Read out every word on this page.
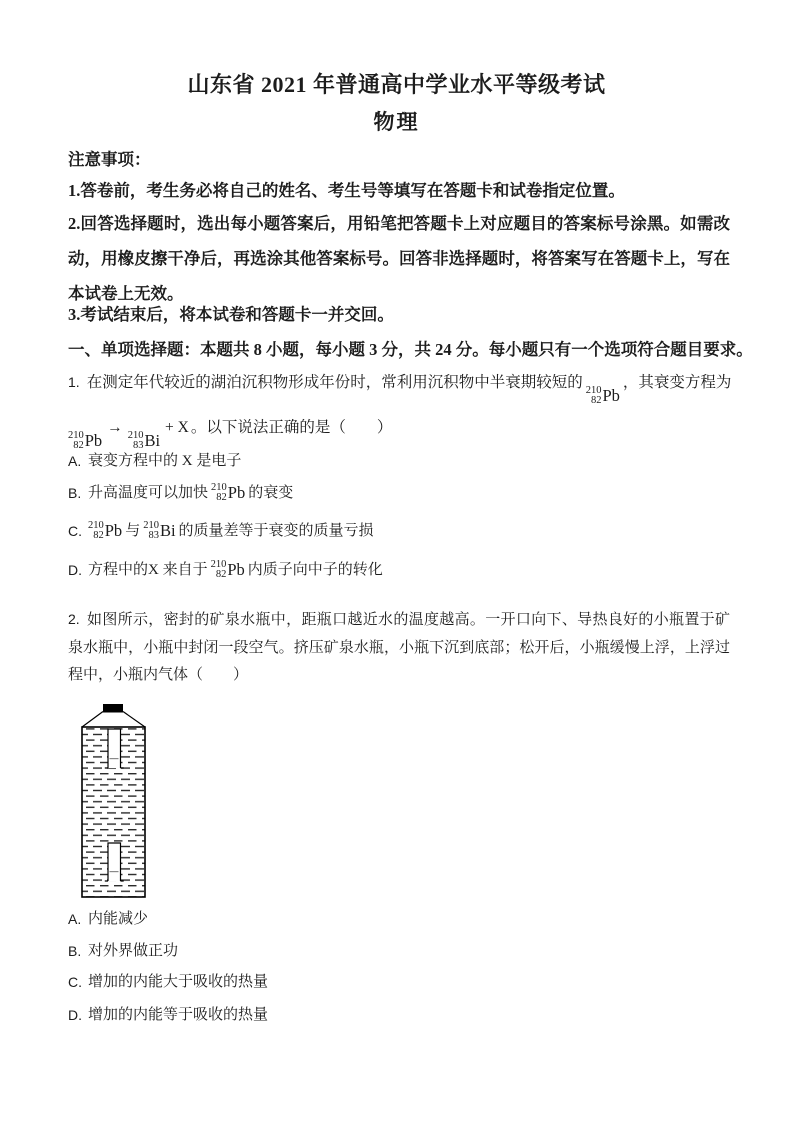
山东省 2021 年普通高中学业水平等级考试
物理
注意事项：
1.答卷前，考生务必将自己的姓名、考生号等填写在答题卡和试卷指定位置。
2.回答选择题时，选出每小题答案后，用铅笔把答题卡上对应题目的答案标号涂黑。如需改动，用橡皮擦干净后，再选涂其他答案标号。回答非选择题时，将答案写在答题卡上，写在本试卷上无效。
3.考试结束后，将本试卷和答题卡一并交回。
一、单项选择题：本题共 8 小题，每小题 3 分，共 24 分。每小题只有一个选项符合题目要求。
1. 在测定年代较近的湖泊沉积物形成年份时，常利用沉积物中半衰期较短的 210
82 Pb
，其衰变方程为
210
82 Pb
→ 210
83 Bi
+ X 。以下说法正确的是（　　）
A. 衰变方程中的 X 是电子
B. 升高温度可以加快 210
82 Pb 的衰变
C. 210
82 Pb 与 210
83 Bi 的质量差等于衰变的质量亏损
D. 方程中的X 来自于 210
82 Pb 内质子向中子的转化
2. 如图所示，密封的矿泉水瓶中，距瓶口越近水的温度越高。一开口向下、导热良好的小瓶置于矿泉水瓶中，小瓶中封闭一段空气。挤压矿泉水瓶，小瓶下沉到底部；松开后，小瓶缓慢上浮，上浮过程中，小瓶内气体（　　）
A. 内能减少
B. 对外界做正功
C. 增加的内能大于吸收的热量
D. 增加的内能等于吸收的热量
